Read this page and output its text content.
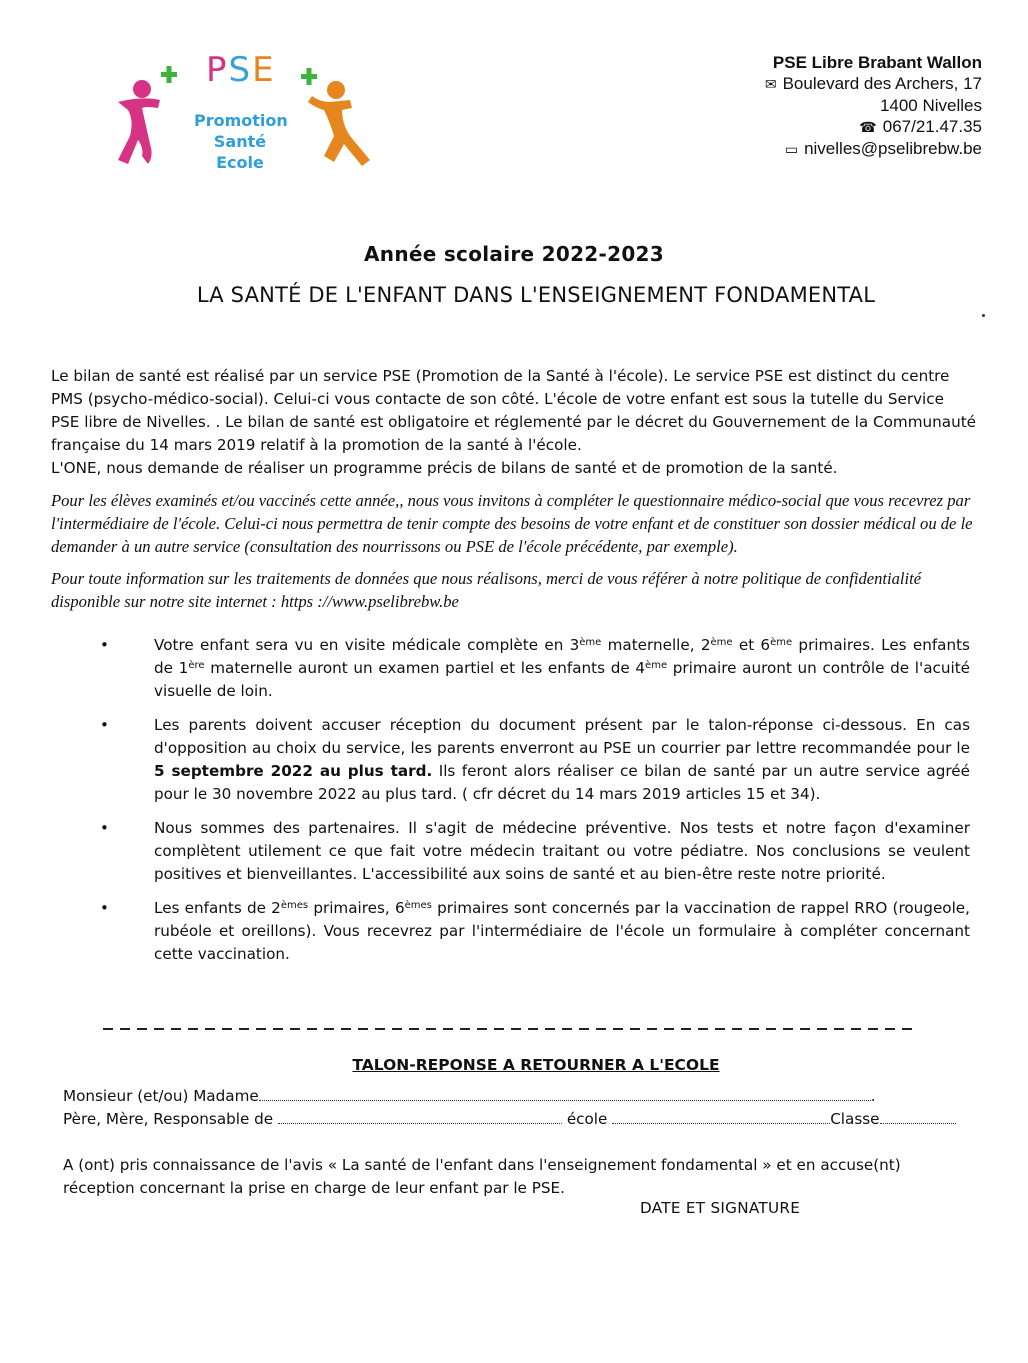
PSE
Promotion
Santé
Ecole
PSE Libre Brabant Wallon
✉ Boulevard des Archers, 17
1400 Nivelles
☎ 067/21.47.35
▭ nivelles@pselibrebw.be
Année scolaire 2022-2023
LA SANTÉ DE L'ENFANT DANS L'ENSEIGNEMENT FONDAMENTAL

Le bilan de santé est réalisé par un service PSE (Promotion de la Santé à l'école). Le service PSE est distinct du centre PMS (psycho-médico-social). Celui-ci vous contacte de son côté. L'école de votre enfant est sous la tutelle du Service PSE libre de Nivelles. . Le bilan de santé est obligatoire et réglementé par le décret du Gouvernement de la Communauté française du 14 mars 2019 relatif à la promotion de la santé à l'école.

L'ONE, nous demande de réaliser un programme précis de bilans de santé et de promotion de la santé.

Pour les élèves examinés et/ou vaccinés cette année,, nous vous invitons à compléter le questionnaire médico-social que vous recevrez par l'intermédiaire de l'école. Celui-ci nous permettra de tenir compte des besoins de votre enfant et de constituer son dossier médical ou de le demander à un autre service (consultation des nourrissons ou PSE de l'école précédente, par exemple).
Pour toute information sur les traitements de données que nous réalisons, merci de vous référer à notre politique de confidentialité disponible sur notre site internet : https ://www.pselibrebw.be
• Votre enfant sera vu en visite médicale complète en 3ème maternelle, 2ème et 6ème primaires. Les enfants de 1ère maternelle auront un examen partiel et les enfants de 4ème primaire auront un contrôle de l'acuité visuelle de loin.
• Les parents doivent accuser réception du document présent par le talon-réponse ci-dessous. En cas d'opposition au choix du service, les parents enverront au PSE un courrier par lettre recommandée pour le 5 septembre 2022 au plus tard. Ils feront alors réaliser ce bilan de santé par un autre service agréé pour le 30 novembre 2022 au plus tard. ( cfr décret du 14 mars 2019 articles 15 et 34).
• Nous sommes des partenaires. Il s'agit de médecine préventive. Nos tests et notre façon d'examiner complètent utilement ce que fait votre médecin traitant ou votre pédiatre. Nos conclusions se veulent positives et bienveillantes. L'accessibilité aux soins de santé et au bien-être reste notre priorité.
• Les enfants de 2èmes primaires, 6èmes primaires sont concernés par la vaccination de rappel RRO (rougeole, rubéole et oreillons). Vous recevrez par l'intermédiaire de l'école un formulaire à compléter concernant cette vaccination.
TALON-REPONSE A RETOURNER A L'ECOLE
Monsieur (et/ou) Madame	.
Père, Mère, Responsable de	école	Classe
A (ont) pris connaissance de l'avis « La santé de l'enfant dans l'enseignement fondamental » et en accuse(nt) réception concernant la prise en charge de leur enfant par le PSE.
DATE ET SIGNATURE
